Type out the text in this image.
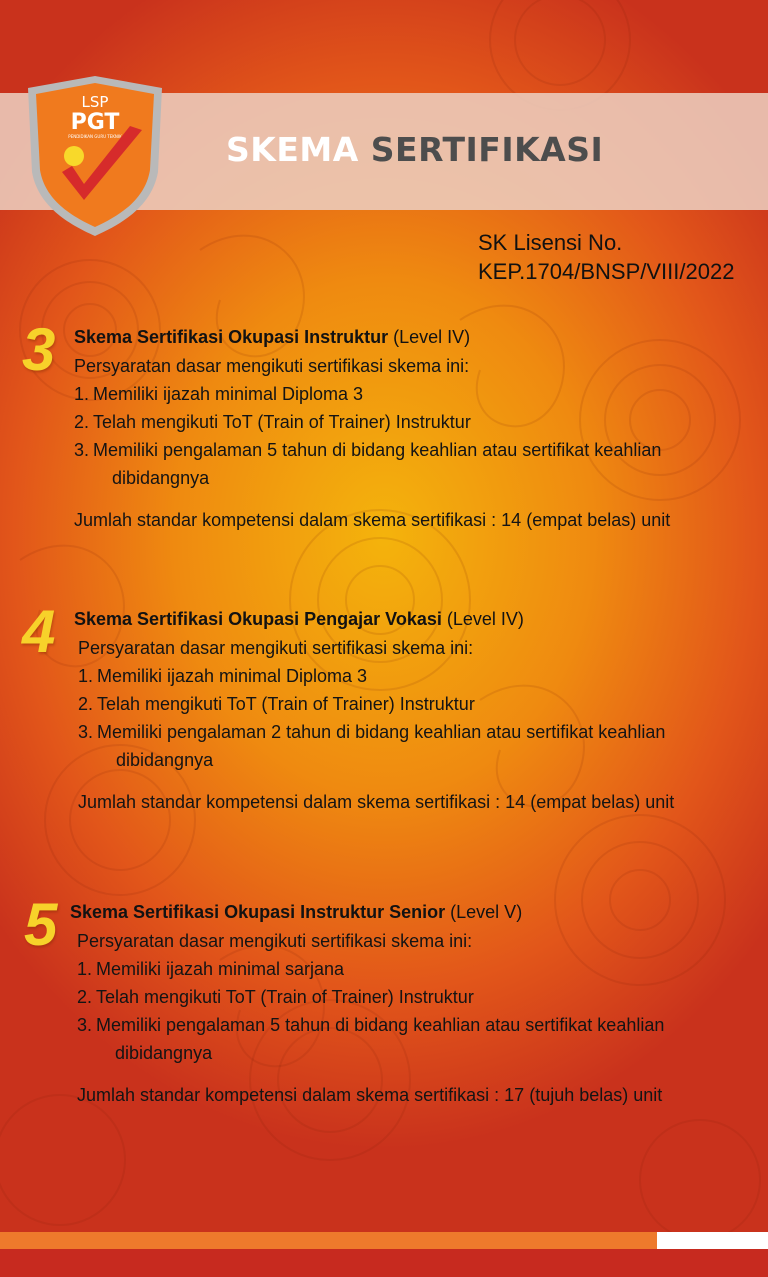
LSP
PGT
PENDIDIKAN GURU TEKNIK	SKEMA SERTIFIKASI
SK Lisensi No.
KEP.1704/BNSP/VIII/2022
3 Skema Sertifikasi Okupasi Instruktur (Level IV)
Persyaratan dasar mengikuti sertifikasi skema ini:
1. Memiliki ijazah minimal Diploma 3
2. Telah mengikuti ToT (Train of Trainer) Instruktur
3. Memiliki pengalaman 5 tahun di bidang keahlian atau sertifikat keahlian
dibidangnya
Jumlah standar kompetensi dalam skema sertifikasi : 14 (empat belas) unit
4 Skema Sertifikasi Okupasi Pengajar Vokasi (Level IV)
Persyaratan dasar mengikuti sertifikasi skema ini:
1. Memiliki ijazah minimal Diploma 3
2. Telah mengikuti ToT (Train of Trainer) Instruktur
3. Memiliki pengalaman 2 tahun di bidang keahlian atau sertifikat keahlian
dibidangnya
Jumlah standar kompetensi dalam skema sertifikasi : 14 (empat belas) unit
5 Skema Sertifikasi Okupasi Instruktur Senior (Level V)
Persyaratan dasar mengikuti sertifikasi skema ini:
1. Memiliki ijazah minimal sarjana
2. Telah mengikuti ToT (Train of Trainer) Instruktur
3. Memiliki pengalaman 5 tahun di bidang keahlian atau sertifikat keahlian
dibidangnya
Jumlah standar kompetensi dalam skema sertifikasi : 17 (tujuh belas) unit
